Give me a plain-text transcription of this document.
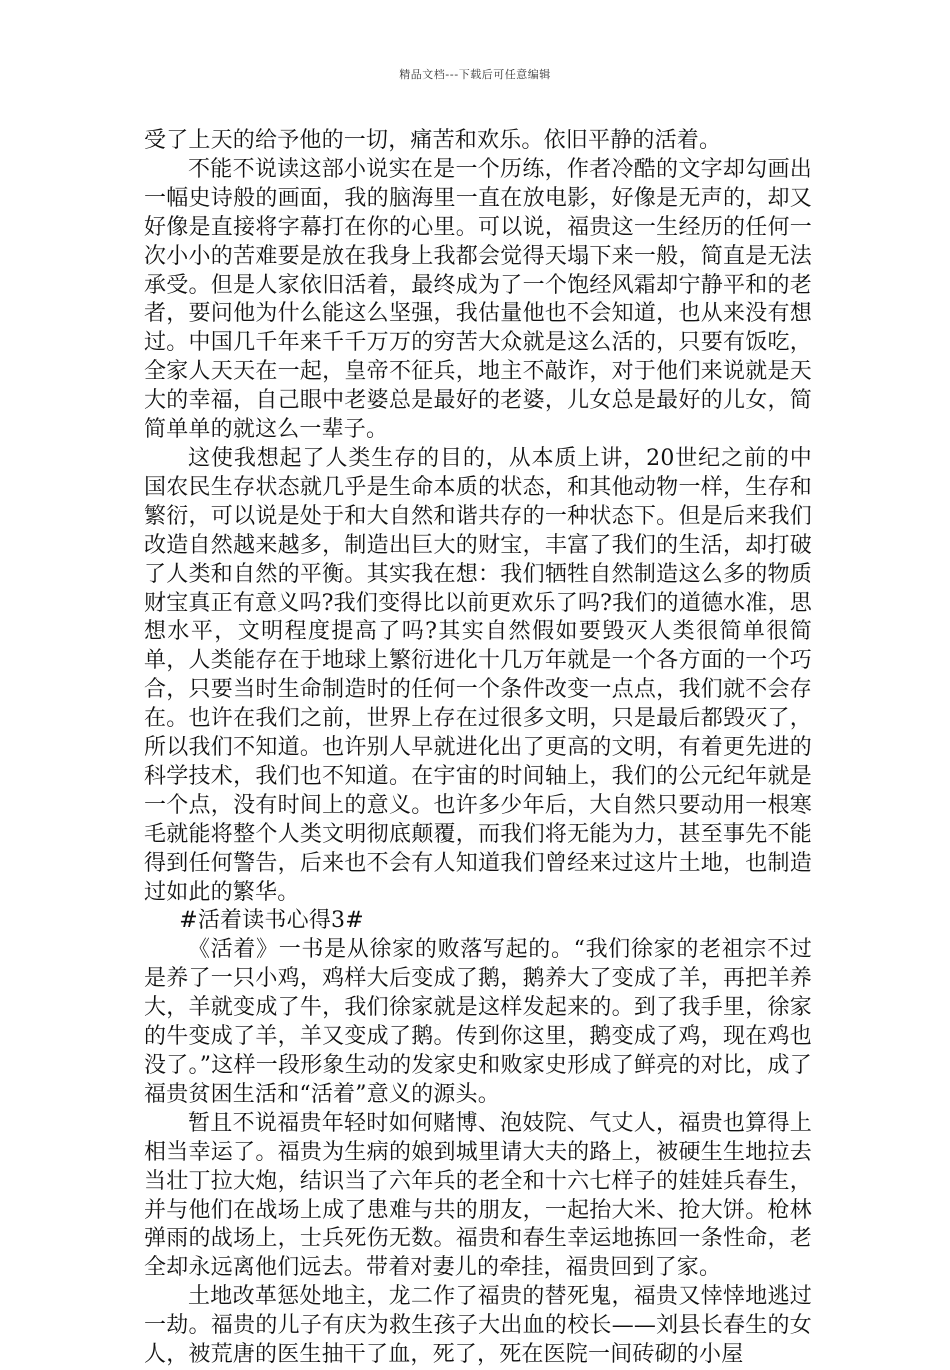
精品文档---下载后可任意编辑

受了上天的给予他的一切，痛苦和欢乐。依旧平静的活着。

不能不说读这部小说实在是一个历练，作者冷酷的文字却勾画出一幅史诗般的画面，我的脑海里一直在放电影，好像是无声的，却又好像是直接将字幕打在你的心里。可以说，福贵这一生经历的任何一次小小的苦难要是放在我身上我都会觉得天塌下来一般，简直是无法承受。但是人家依旧活着，最终成为了一个饱经风霜却宁静平和的老者，要问他为什么能这么坚强，我估量他也不会知道，也从来没有想过。中国几千年来千千万万的穷苦大众就是这么活的，只要有饭吃，全家人天天在一起，皇帝不征兵，地主不敲诈，对于他们来说就是天大的幸福，自己眼中老婆总是最好的老婆，儿女总是最好的儿女，简简单单的就这么一辈子。

这使我想起了人类生存的目的，从本质上讲，20世纪之前的中国农民生存状态就几乎是生命本质的状态，和其他动物一样，生存和繁衍，可以说是处于和大自然和谐共存的一种状态下。但是后来我们改造自然越来越多，制造出巨大的财宝，丰富了我们的生活，却打破了人类和自然的平衡。其实我在想：我们牺牲自然制造这么多的物质财宝真正有意义吗?我们变得比以前更欢乐了吗?我们的道德水准，思想水平，文明程度提高了吗?其实自然假如要毁灭人类很简单很简单，人类能存在于地球上繁衍进化十几万年就是一个各方面的一个巧合，只要当时生命制造时的任何一个条件改变一点点，我们就不会存在。也许在我们之前，世界上存在过很多文明，只是最后都毁灭了，所以我们不知道。也许别人早就进化出了更高的文明，有着更先进的科学技术，我们也不知道。在宇宙的时间轴上，我们的公元纪年就是一个点，没有时间上的意义。也许多少年后，大自然只要动用一根寒毛就能将整个人类文明彻底颠覆，而我们将无能为力，甚至事先不能得到任何警告，后来也不会有人知道我们曾经来过这片土地，也制造过如此的繁华。

#活着读书心得3#

《活着》一书是从徐家的败落写起的。“我们徐家的老祖宗不过是养了一只小鸡，鸡样大后变成了鹅，鹅养大了变成了羊，再把羊养大，羊就变成了牛，我们徐家就是这样发起来的。到了我手里，徐家的牛变成了羊，羊又变成了鹅。传到你这里，鹅变成了鸡，现在鸡也没了。”这样一段形象生动的发家史和败家史形成了鲜亮的对比，成了福贵贫困生活和“活着”意义的源头。

暂且不说福贵年轻时如何赌博、泡妓院、气丈人，福贵也算得上相当幸运了。福贵为生病的娘到城里请大夫的路上，被硬生生地拉去当壮丁拉大炮，结识当了六年兵的老全和十六七样子的娃娃兵春生，并与他们在战场上成了患难与共的朋友，一起抬大米、抢大饼。枪林弹雨的战场上，士兵死伤无数。福贵和春生幸运地拣回一条性命，老全却永远离他们远去。带着对妻儿的牵挂，福贵回到了家。

土地改革惩处地主，龙二作了福贵的替死鬼，福贵又悻悻地逃过一劫。福贵的儿子有庆为救生孩子大出血的校长——刘县长春生的女人，被荒唐的医生抽干了血，死了，死在医院一间砖砌的小屋
